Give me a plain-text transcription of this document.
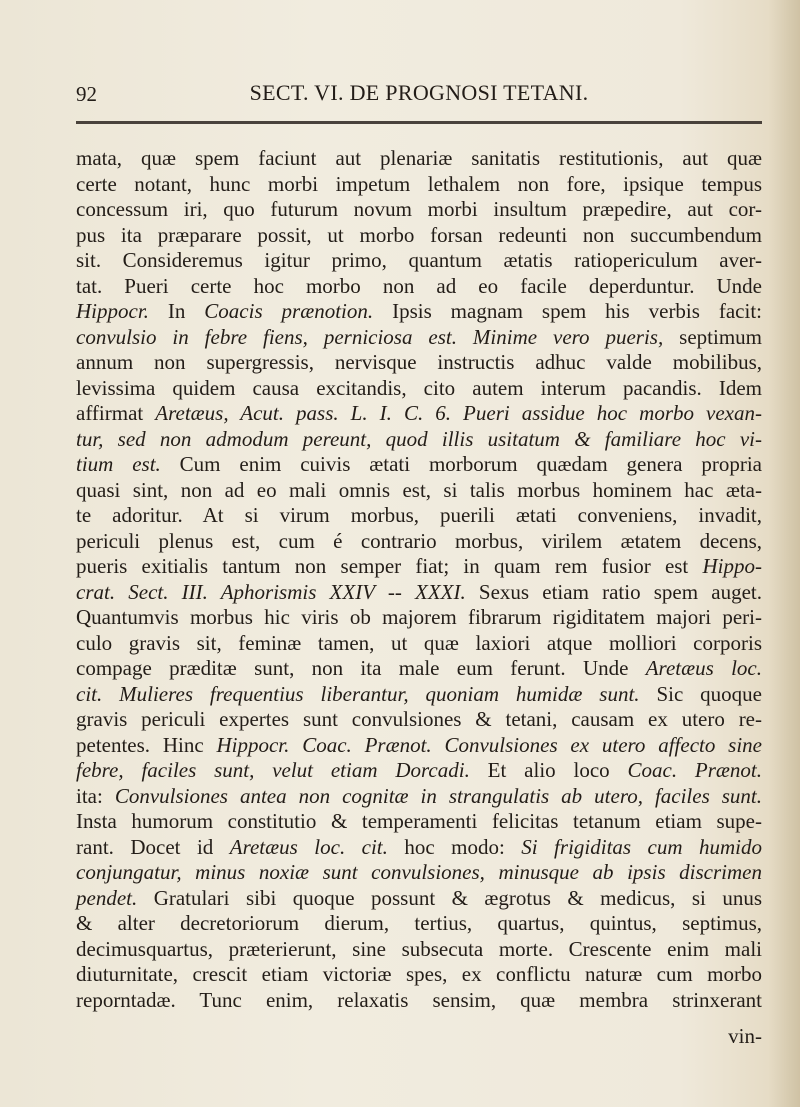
92	SECT. VI. DE PROGNOSI TETANI.
mata, quæ spem faciunt aut plenariæ sanitatis restitutionis, aut quæ
certe notant, hunc morbi impetum lethalem non fore, ipsique tempus
concessum iri, quo futurum novum morbi insultum præpedire, aut cor-
pus ita præparare possit, ut morbo forsan redeunti non succumbendum
sit. Consideremus igitur primo, quantum ætatis ratiopericulum aver-
tat. Pueri certe hoc morbo non ad eo facile deperduntur. Unde
Hippocr. In Coacis prænotion. Ipsis magnam spem his verbis facit:
convulsio in febre fiens, perniciosa est. Minime vero pueris, septimum
annum non supergressis, nervisque instructis adhuc valde mobilibus,
levissima quidem causa excitandis, cito autem interum pacandis. Idem
affirmat Aretæus, Acut. pass. L. I. C. 6. Pueri assidue hoc morbo vexan-
tur, sed non admodum pereunt, quod illis usitatum & familiare hoc vi-
tium est. Cum enim cuivis ætati morborum quædam genera propria
quasi sint, non ad eo mali omnis est, si talis morbus hominem hac æta-
te adoritur. At si virum morbus, puerili ætati conveniens, invadit,
periculi plenus est, cum é contrario morbus, virilem ætatem decens,
pueris exitialis tantum non semper fiat; in quam rem fusior est Hippo-
crat. Sect. III. Aphorismis XXIV -- XXXI. Sexus etiam ratio spem auget.
Quantumvis morbus hic viris ob majorem fibrarum rigiditatem majori peri-
culo gravis sit, feminæ tamen, ut quæ laxiori atque molliori corporis
compage præditæ sunt, non ita male eum ferunt. Unde Aretæus loc.
cit. Mulieres frequentius liberantur, quoniam humidæ sunt. Sic quoque
gravis periculi expertes sunt convulsiones & tetani, causam ex utero re-
petentes. Hinc Hippocr. Coac. Prænot. Convulsiones ex utero affecto sine
febre, faciles sunt, velut etiam Dorcadi. Et alio loco Coac. Prænot.
ita: Convulsiones antea non cognitæ in strangulatis ab utero, faciles sunt.
Insta humorum constitutio & temperamenti felicitas tetanum etiam supe-
rant. Docet id Aretæus loc. cit. hoc modo: Si frigiditas cum humido
conjungatur, minus noxiæ sunt convulsiones, minusque ab ipsis discrimen
pendet. Gratulari sibi quoque possunt & ægrotus & medicus, si unus
& alter decretoriorum dierum, tertius, quartus, quintus, septimus,
decimusquartus, præterierunt, sine subsecuta morte. Crescente enim mali
diuturnitate, crescit etiam victoriæ spes, ex conflictu naturæ cum morbo
reporntadæ. Tunc enim, relaxatis sensim, quæ membra strinxerant
vin-
